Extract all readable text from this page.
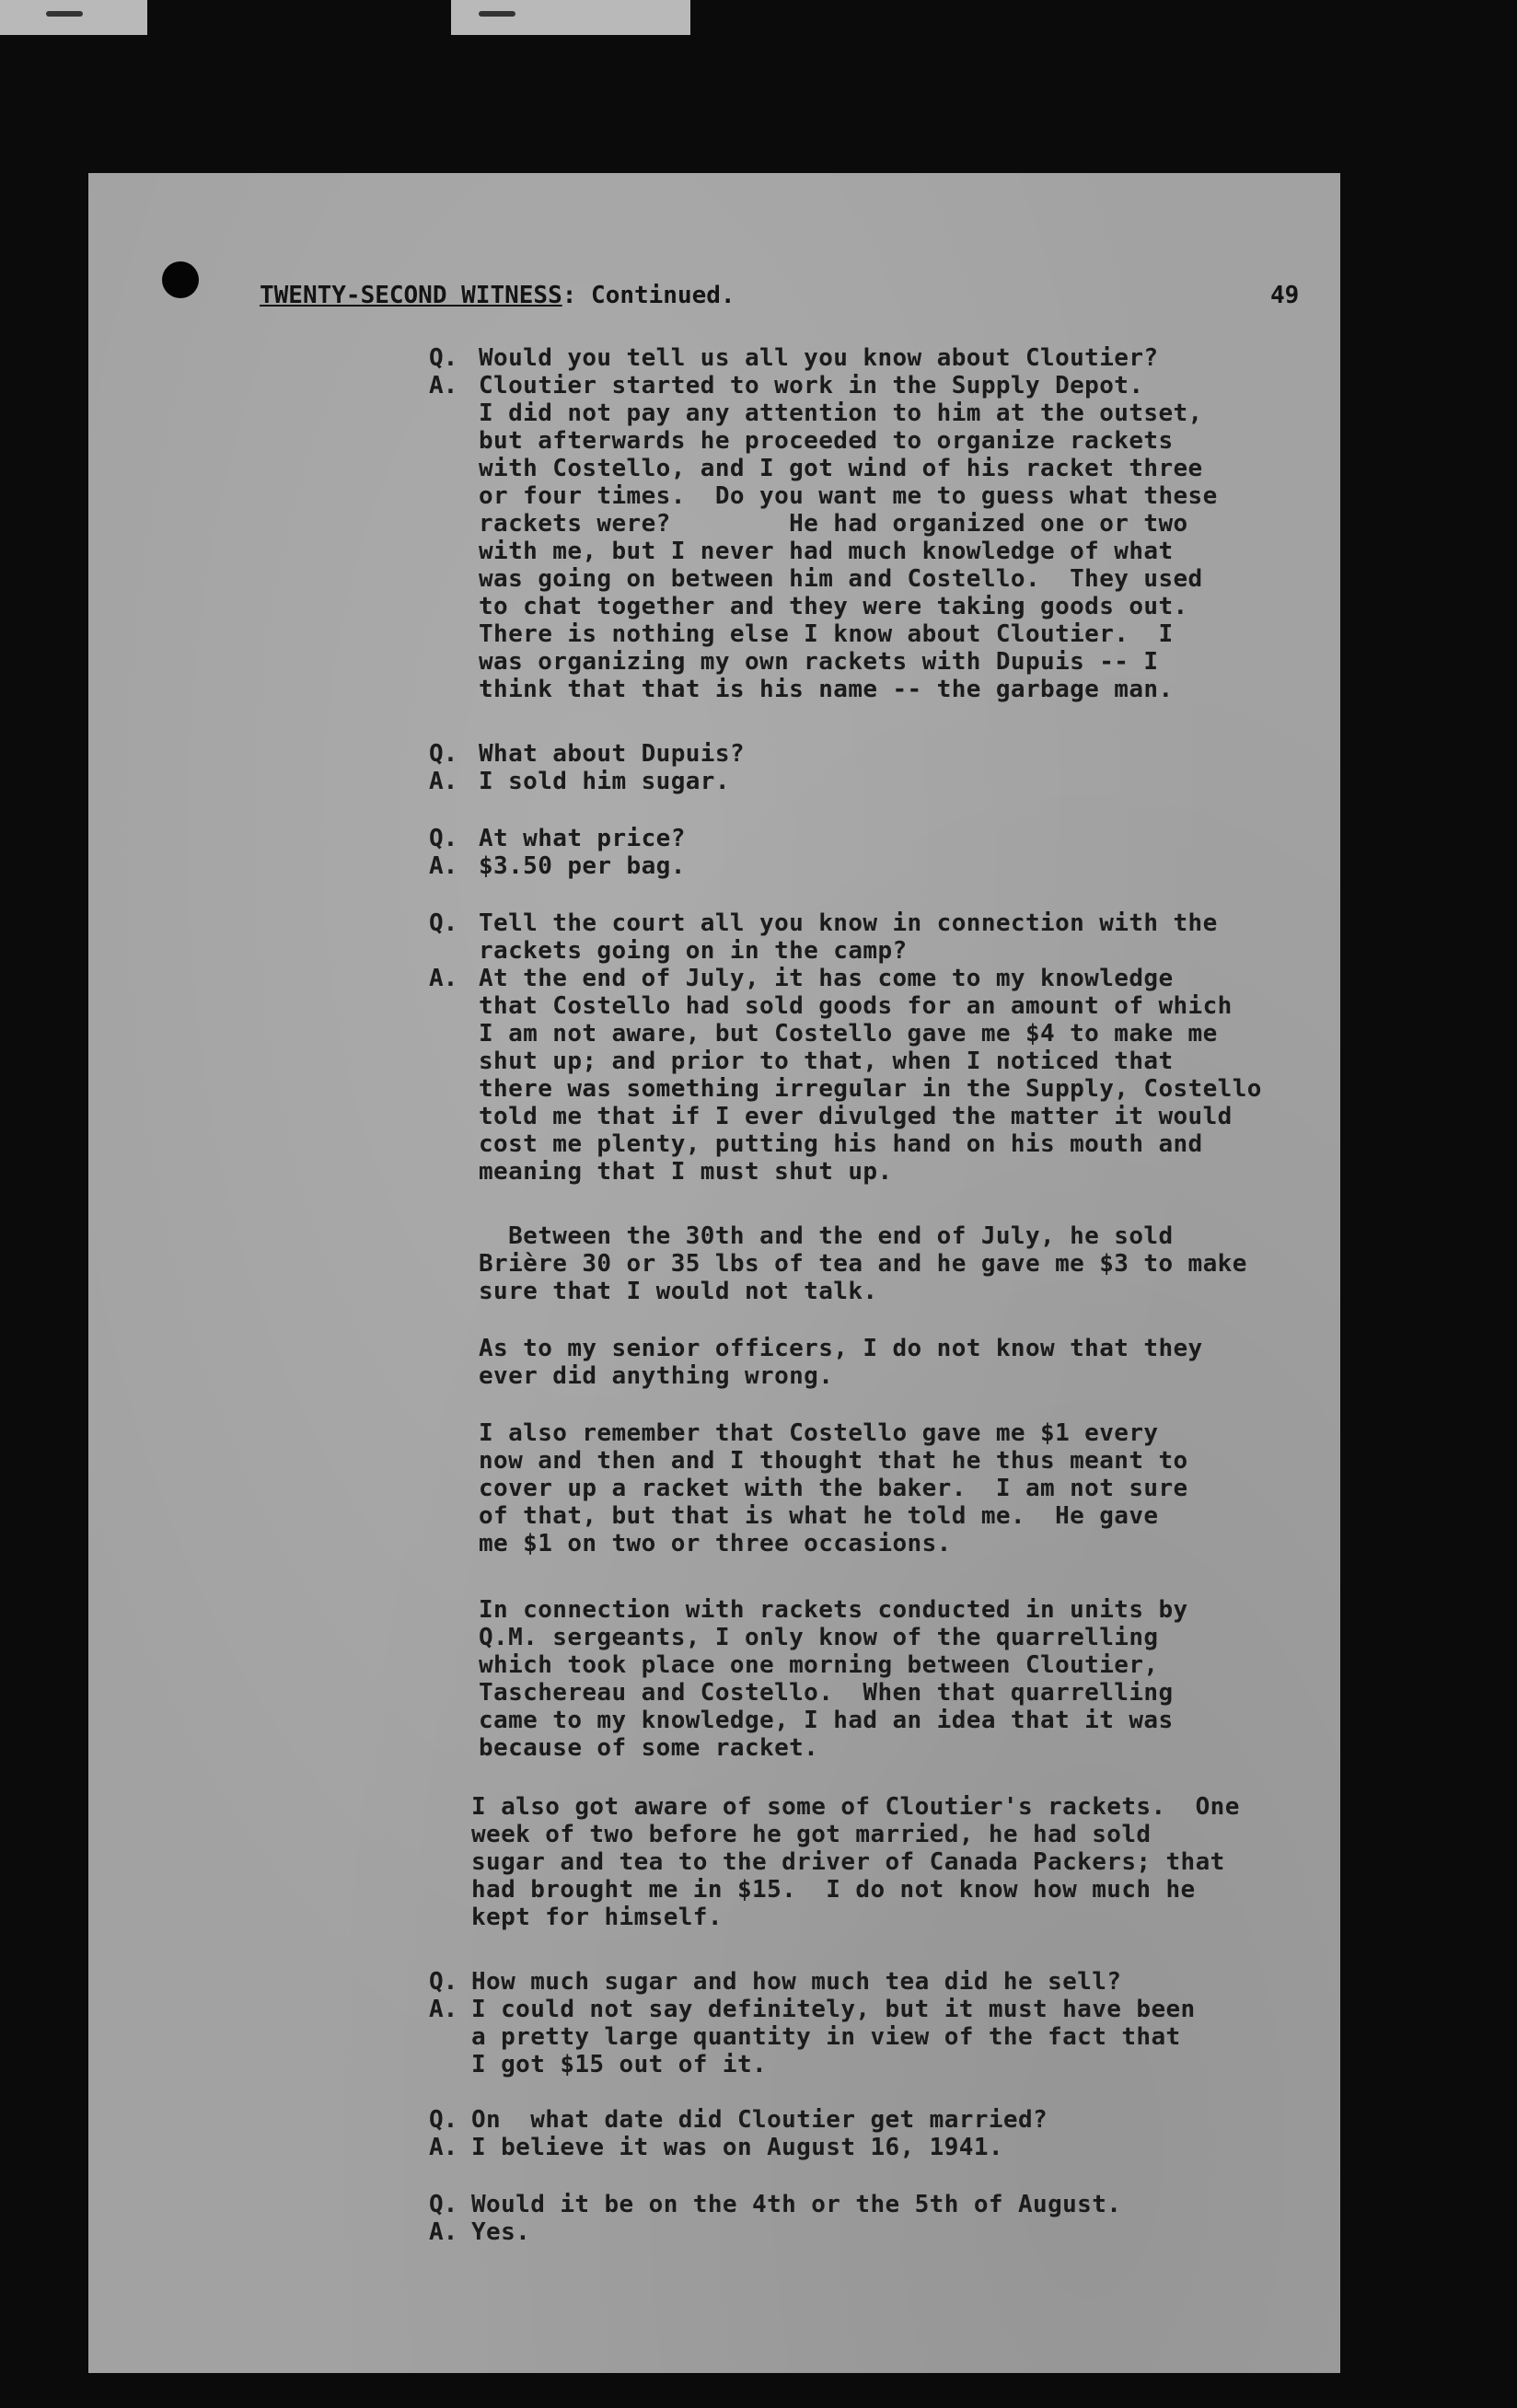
TWENTY-SECOND WITNESS: Continued.	49
Q.
A.
Q.
A.
Q.
A.
Q.
A.
Q.
A.
Q.
A.
Q.
A.
Would you tell us all you know about Cloutier?
Cloutier started to work in the Supply Depot.
I did not pay any attention to him at the outset,
but afterwards he proceeded to organize rackets
with Costello, and I got wind of his racket three
or four times.  Do you want me to guess what these
rackets were?        He had organized one or two
with me, but I never had much knowledge of what
was going on between him and Costello.  They used
to chat together and they were taking goods out.
There is nothing else I know about Cloutier.  I
was organizing my own rackets with Dupuis -- I
think that that is his name -- the garbage man.
What about Dupuis?
I sold him sugar.
At what price?
$3.50 per bag.
Tell the court all you know in connection with the
rackets going on in the camp?
At the end of July, it has come to my knowledge
that Costello had sold goods for an amount of which
I am not aware, but Costello gave me $4 to make me
shut up; and prior to that, when I noticed that
there was something irregular in the Supply, Costello
told me that if I ever divulged the matter it would
cost me plenty, putting his hand on his mouth and
meaning that I must shut up.
Between the 30th and the end of July, he sold
Brière 30 or 35 lbs of tea and he gave me $3 to make
sure that I would not talk.
As to my senior officers, I do not know that they
ever did anything wrong.
I also remember that Costello gave me $1 every
now and then and I thought that he thus meant to
cover up a racket with the baker.  I am not sure
of that, but that is what he told me.  He gave
me $1 on two or three occasions.
In connection with rackets conducted in units by
Q.M. sergeants, I only know of the quarrelling
which took place one morning between Cloutier,
Taschereau and Costello.  When that quarrelling
came to my knowledge, I had an idea that it was
because of some racket.
I also got aware of some of Cloutier's rackets.  One
week of two before he got married, he had sold
sugar and tea to the driver of Canada Packers; that
had brought me in $15.  I do not know how much he
kept for himself.
How much sugar and how much tea did he sell?
I could not say definitely, but it must have been
a pretty large quantity in view of the fact that
I got $15 out of it.
On  what date did Cloutier get married?
I believe it was on August 16, 1941.
Would it be on the 4th or the 5th of August.
Yes.
